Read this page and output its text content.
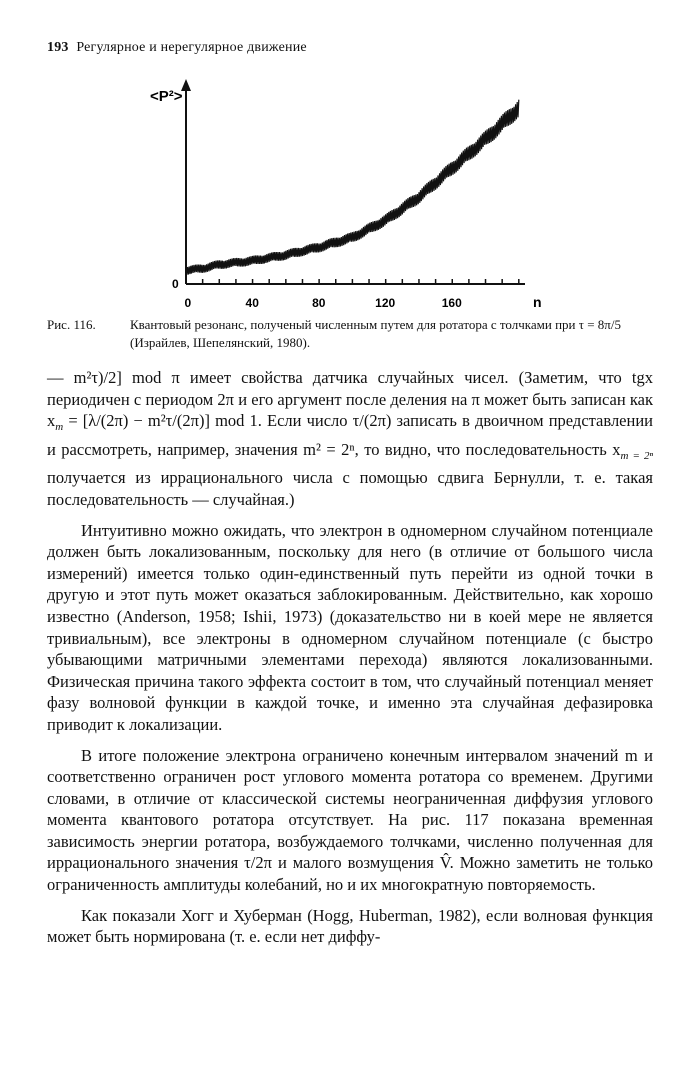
193 Регулярное и нерегулярное движение
<P²>
0
n
0	40	80	120	160
Рис. 116.	Квантовый резонанс, полученый численным путем для ротатора с толчками при τ = 8π/5 (Израйлев, Шепелянский, 1980).

— m²τ)/2] mod π имеет свойства датчика случайных чисел. (Заметим, что tgx периодичен с периодом 2π и его аргумент после деления на π может быть записан как $x_m = [\lambda/(2\pi) - m^2\tau/(2\pi)]$ mod 1. Если число τ/(2π) записать в двоичном представлении и рассмотреть, например, значения m² = 2ⁿ, то видно, что последовательность $x_{m = 2^n}$ получается из иррационального числа с помощью сдвига Бернулли, т. е. такая последовательность — случайная.)

Интуитивно можно ожидать, что электрон в одномерном случайном потенциале должен быть локализованным, поскольку для него (в отличие от большого числа измерений) имеется только один-единственный путь перейти из одной точки в другую и этот путь может оказаться заблокированным. Действительно, как хорошо известно (Anderson, 1958; Ishii, 1973) (доказательство ни в коей мере не является тривиальным), все электроны в одномерном случайном потенциале (с быстро убывающими матричными элементами перехода) являются локализованными. Физическая причина такого эффекта состоит в том, что случайный потенциал меняет фазу волновой функции в каждой точке, и именно эта случайная дефазировка приводит к локализации.

В итоге положение электрона ограничено конечным интервалом значений m и соответственно ограничен рост углового момента ротатора со временем. Другими словами, в отличие от классической системы неограниченная диффузия углового момента квантового ротатора отсутствует. На рис. 117 показана временная зависимость энергии ротатора, возбуждаемого толчками, численно полученная для иррационального значения τ/2π и малого возмущения V̂. Можно заметить не только ограниченность амплитуды колебаний, но и их многократную повторяемость.

Как показали Хогг и Хуберман (Hogg, Huberman, 1982), если волновая функция может быть нормирована (т. е. если нет диффу-
